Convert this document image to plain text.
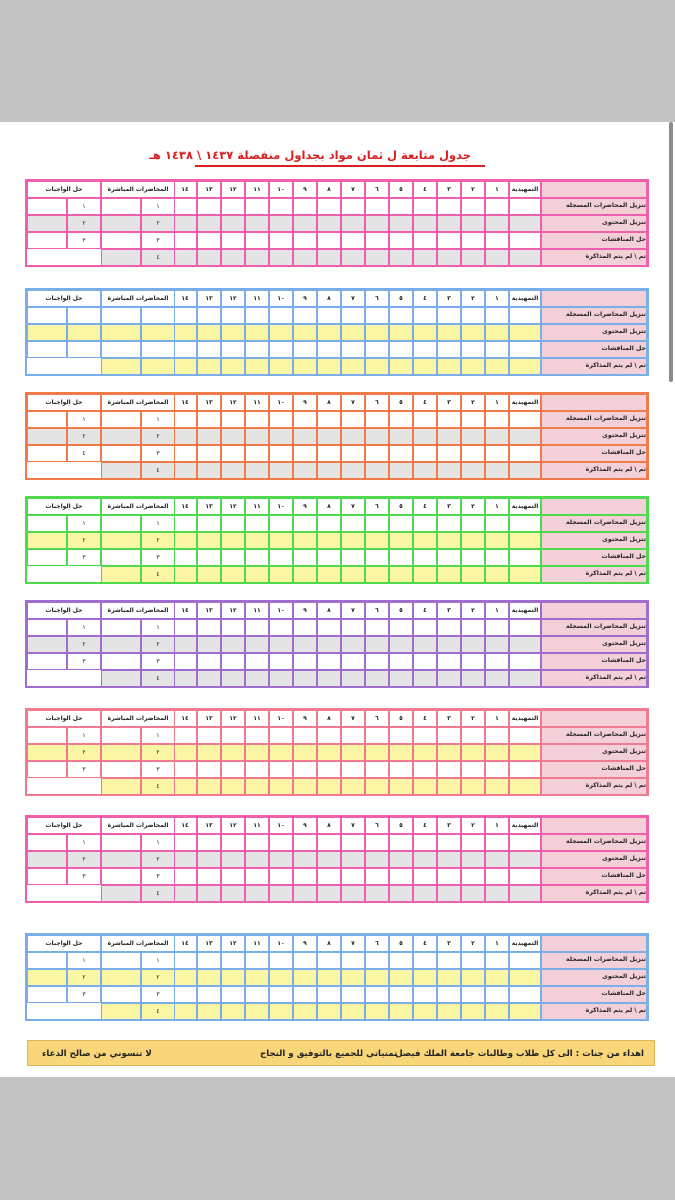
جدول متابعة ل ثمان مواد بجداول منفصلة ١٤٣٧ \ ١٤٣٨ هـ
التمهيدية
١
٢
٣
٤
٥
٦
٧
٨
٩
١٠
١١
١٢
١٣
١٤
المحاضرات المباشرة
حل الواجبات
تنزيل المحاضرات المسجلة
١
١
تنزيل المحتوى
٢
٢
حل المناقشات
٣
٣
تم \ لم يتم المذاكرة
٤
التمهيدية
١
٢
٣
٤
٥
٦
٧
٨
٩
١٠
١١
١٢
١٣
١٤
المحاضرات المباشرة
حل الواجبات
تنزيل المحاضرات المسجلة
تنزيل المحتوى
حل المناقشات
تم \ لم يتم المذاكرة
التمهيدية
١
٢
٣
٤
٥
٦
٧
٨
٩
١٠
١١
١٢
١٣
١٤
المحاضرات المباشرة
حل الواجبات
تنزيل المحاضرات المسجلة
١
١
تنزيل المحتوى
٢
٢
حل المناقشات
٣
٤
تم \ لم يتم المذاكرة
٤
التمهيدية
١
٢
٣
٤
٥
٦
٧
٨
٩
١٠
١١
١٢
١٣
١٤
المحاضرات المباشرة
حل الواجبات
تنزيل المحاضرات المسجلة
١
١
تنزيل المحتوى
٢
٢
حل المناقشات
٣
٣
تم \ لم يتم المذاكرة
٤
التمهيدية
١
٢
٣
٤
٥
٦
٧
٨
٩
١٠
١١
١٢
١٣
١٤
المحاضرات المباشرة
حل الواجبات
تنزيل المحاضرات المسجلة
١
١
تنزيل المحتوى
٢
٢
حل المناقشات
٣
٣
تم \ لم يتم المذاكرة
٤
التمهيدية
١
٢
٣
٤
٥
٦
٧
٨
٩
١٠
١١
١٢
١٣
١٤
المحاضرات المباشرة
حل الواجبات
تنزيل المحاضرات المسجلة
١
١
تنزيل المحتوى
٢
٢
حل المناقشات
٣
٣
تم \ لم يتم المذاكرة
٤
التمهيدية
١
٢
٣
٤
٥
٦
٧
٨
٩
١٠
١١
١٢
١٣
١٤
المحاضرات المباشرة
حل الواجبات
تنزيل المحاضرات المسجلة
١
١
تنزيل المحتوى
٢
٢
حل المناقشات
٣
٣
تم \ لم يتم المذاكرة
٤
التمهيدية
١
٢
٣
٤
٥
٦
٧
٨
٩
١٠
١١
١٢
١٣
١٤
المحاضرات المباشرة
حل الواجبات
تنزيل المحاضرات المسجلة
١
١
تنزيل المحتوى
٢
٢
حل المناقشات
٣
٣
تم \ لم يتم المذاكرة
٤
اهداء من جنات : الى كل طلاب وطالبات جامعة الملك فيصل
تمنياتي للجميع بالتوفيق و النجاح
لا تنسوني من صالح الدعاء
